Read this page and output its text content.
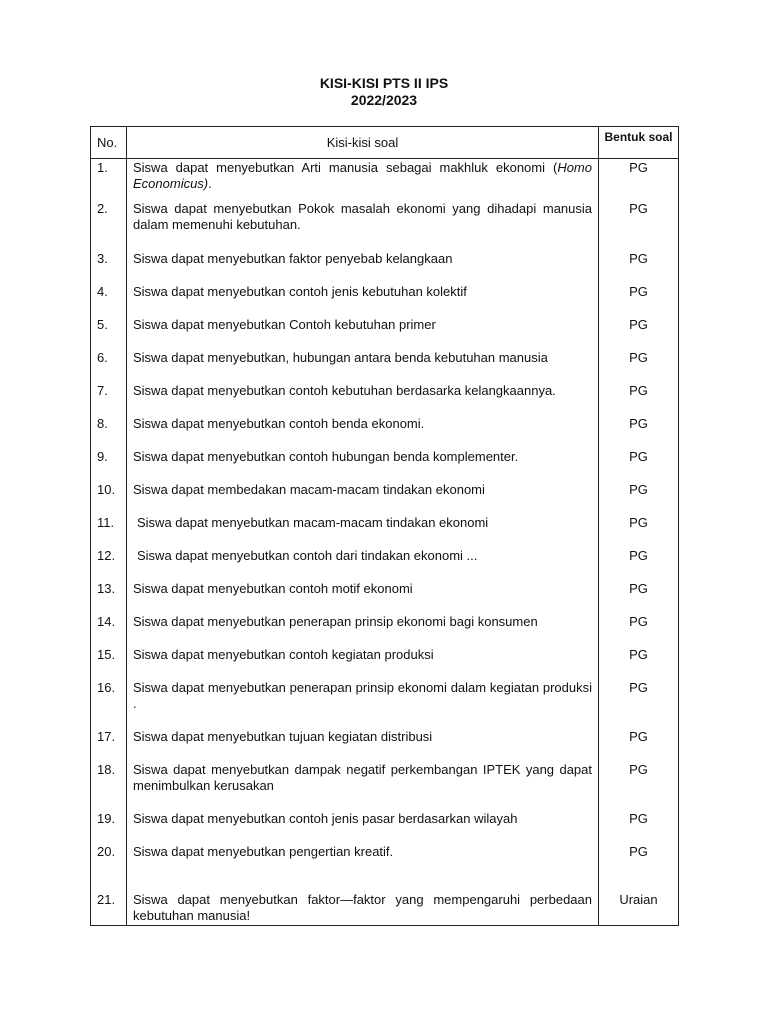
KISI-KISI PTS II IPS
2022/2023
No.	Kisi-kisi soal	Bentuk soal
1.	Siswa dapat menyebutkan Arti manusia sebagai makhluk ekonomi (Homo Economicus).	PG
2.	Siswa dapat menyebutkan Pokok masalah ekonomi yang dihadapi manusia dalam memenuhi kebutuhan.	PG
3.	Siswa dapat menyebutkan faktor penyebab kelangkaan	PG
4.	Siswa dapat menyebutkan contoh jenis kebutuhan kolektif	PG
5.	Siswa dapat menyebutkan Contoh kebutuhan primer	PG
6.	Siswa dapat menyebutkan, hubungan antara benda kebutuhan manusia	PG
7.	Siswa dapat menyebutkan contoh kebutuhan berdasarka kelangkaannya.	PG
8.	Siswa dapat menyebutkan contoh benda ekonomi.	PG
9.	Siswa dapat menyebutkan contoh hubungan benda komplementer.	PG
10.	Siswa dapat membedakan macam-macam tindakan ekonomi	PG
11.	Siswa dapat menyebutkan macam-macam tindakan ekonomi	PG
12.	Siswa dapat menyebutkan contoh dari tindakan ekonomi ...	PG
13.	Siswa dapat menyebutkan contoh motif ekonomi	PG
14.	Siswa dapat menyebutkan penerapan prinsip ekonomi bagi konsumen	PG
15.	Siswa dapat menyebutkan contoh kegiatan produksi	PG
16.	Siswa dapat menyebutkan penerapan prinsip ekonomi dalam kegiatan produksi .	PG
17.	Siswa dapat menyebutkan tujuan kegiatan distribusi	PG
18.	Siswa dapat menyebutkan dampak negatif perkembangan IPTEK yang dapat menimbulkan kerusakan	PG
19.	Siswa dapat menyebutkan contoh jenis pasar berdasarkan wilayah	PG
20.	Siswa dapat menyebutkan pengertian kreatif.	PG
21.	Siswa dapat menyebutkan faktor—faktor yang mempengaruhi perbedaan kebutuhan manusia!	Uraian
